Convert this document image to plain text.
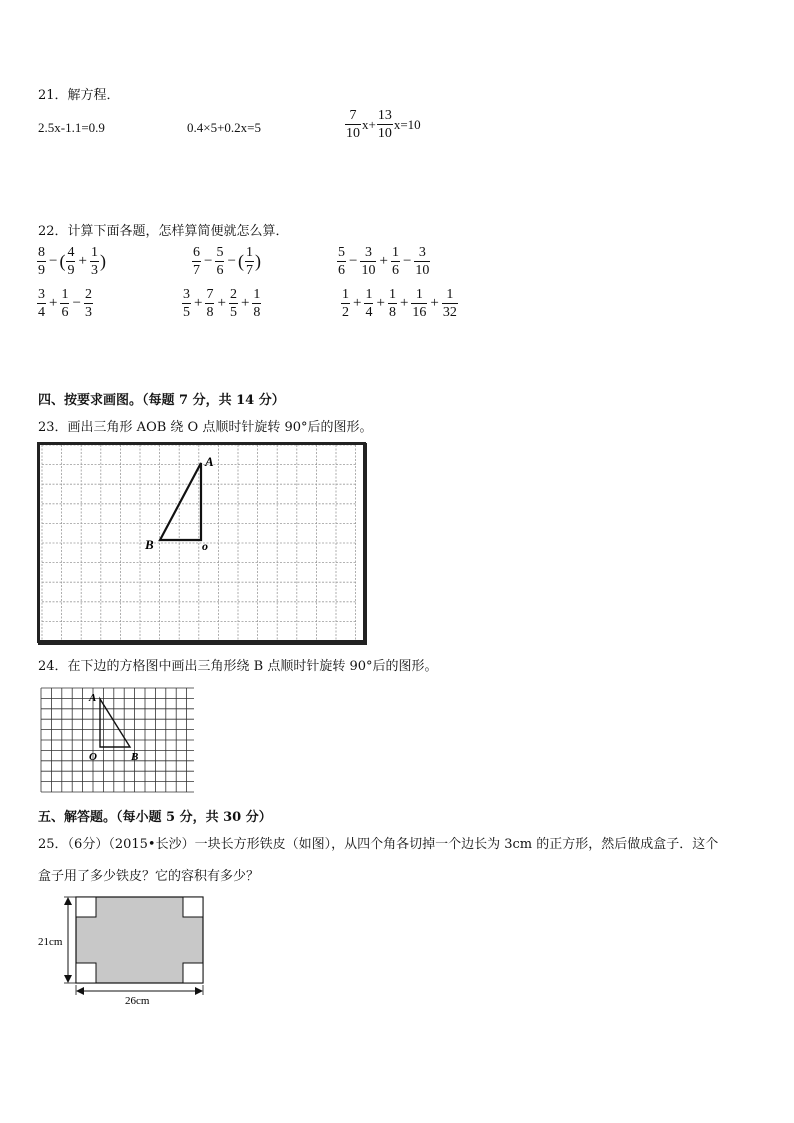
21．解方程．
2.5x-1.1=0.9	0.4×5+0.2x=5	$\frac{7}{10} x+ \frac{13}{10} x=10$
22．计算下面各题，怎样算简便就怎么算．
$\frac{8}{9}$ − ( $\frac{4}{9} + \frac{1}{3}$ )	$\frac{6}{7} - \frac{5}{6}$ − ( $\frac{1}{7}$ )	$\frac{5}{6} - \frac{3}{10} + \frac{1}{6} - \frac{3}{10}$
$\frac{3}{4} + \frac{1}{6} - \frac{2}{3}$	$\frac{3}{5} + \frac{7}{8} + \frac{2}{5} + \frac{1}{8}$	$\frac{1}{2} + \frac{1}{4} + \frac{1}{8} + \frac{1}{16} + \frac{1}{32}$
四、按要求画图。（每题 7 分，共 14 分）
23．画出三角形 AOB 绕 O 点顺时针旋转 90°后的图形。
A
B	o
24．在下边的方格图中画出三角形绕 B 点顺时针旋转 90°后的图形。
A
O	B
五、解答题。（每小题 5 分，共 30 分）
25．（6分）（2015•长沙）一块长方形铁皮（如图），从四个角各切掉一个边长为 3cm 的正方形，然后做成盒子．这个
盒子用了多少铁皮？它的容积有多少？
21cm
26cm
